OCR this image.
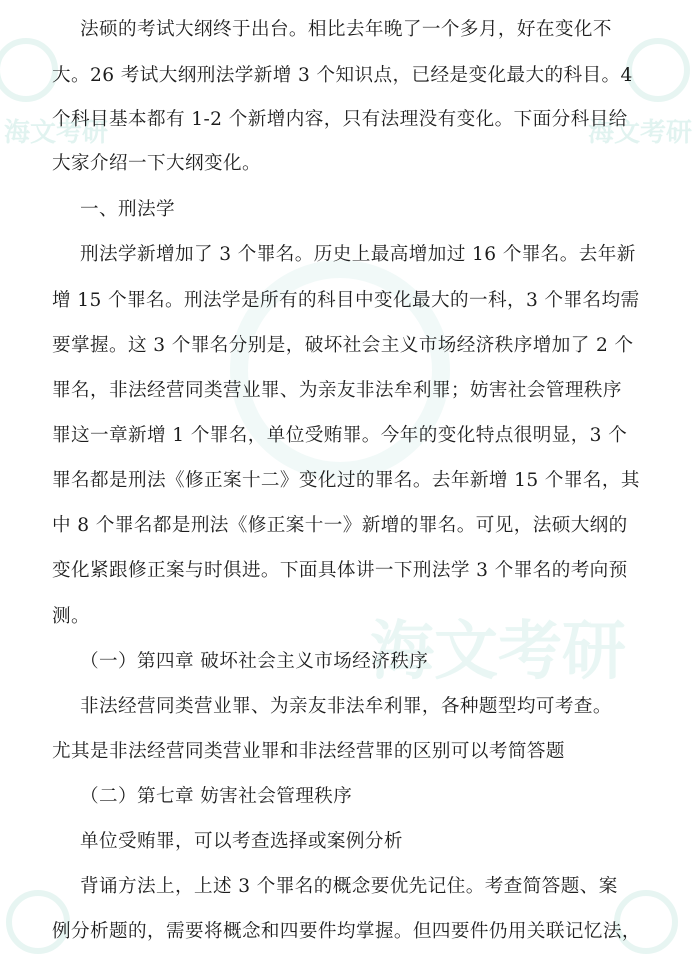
海文考研	海文考研
海文考研
法硕的考试大纲终于出台。相比去年晚了一个多月，好在变化不
大。26 考试大纲刑法学新增 3 个知识点，已经是变化最大的科目。4
个科目基本都有 1-2 个新增内容，只有法理没有变化。下面分科目给
大家介绍一下大纲变化。
一、刑法学
刑法学新增加了 3 个罪名。历史上最高增加过 16 个罪名。去年新
增 15 个罪名。刑法学是所有的科目中变化最大的一科，3 个罪名均需
要掌握。这 3 个罪名分别是，破坏社会主义市场经济秩序增加了 2 个
罪名，非法经营同类营业罪、为亲友非法牟利罪；妨害社会管理秩序
罪这一章新增 1 个罪名，单位受贿罪。今年的变化特点很明显，3 个
罪名都是刑法《修正案十二》变化过的罪名。去年新增 15 个罪名，其
中 8 个罪名都是刑法《修正案十一》新增的罪名。可见，法硕大纲的
变化紧跟修正案与时俱进。下面具体讲一下刑法学 3 个罪名的考向预
测。
（一）第四章 破坏社会主义市场经济秩序
非法经营同类营业罪、为亲友非法牟利罪，各种题型均可考查。
尤其是非法经营同类营业罪和非法经营罪的区别可以考简答题
（二）第七章 妨害社会管理秩序
单位受贿罪，可以考查选择或案例分析
背诵方法上，上述 3 个罪名的概念要优先记住。考查简答题、案
例分析题的，需要将概念和四要件均掌握。但四要件仍用关联记忆法，
